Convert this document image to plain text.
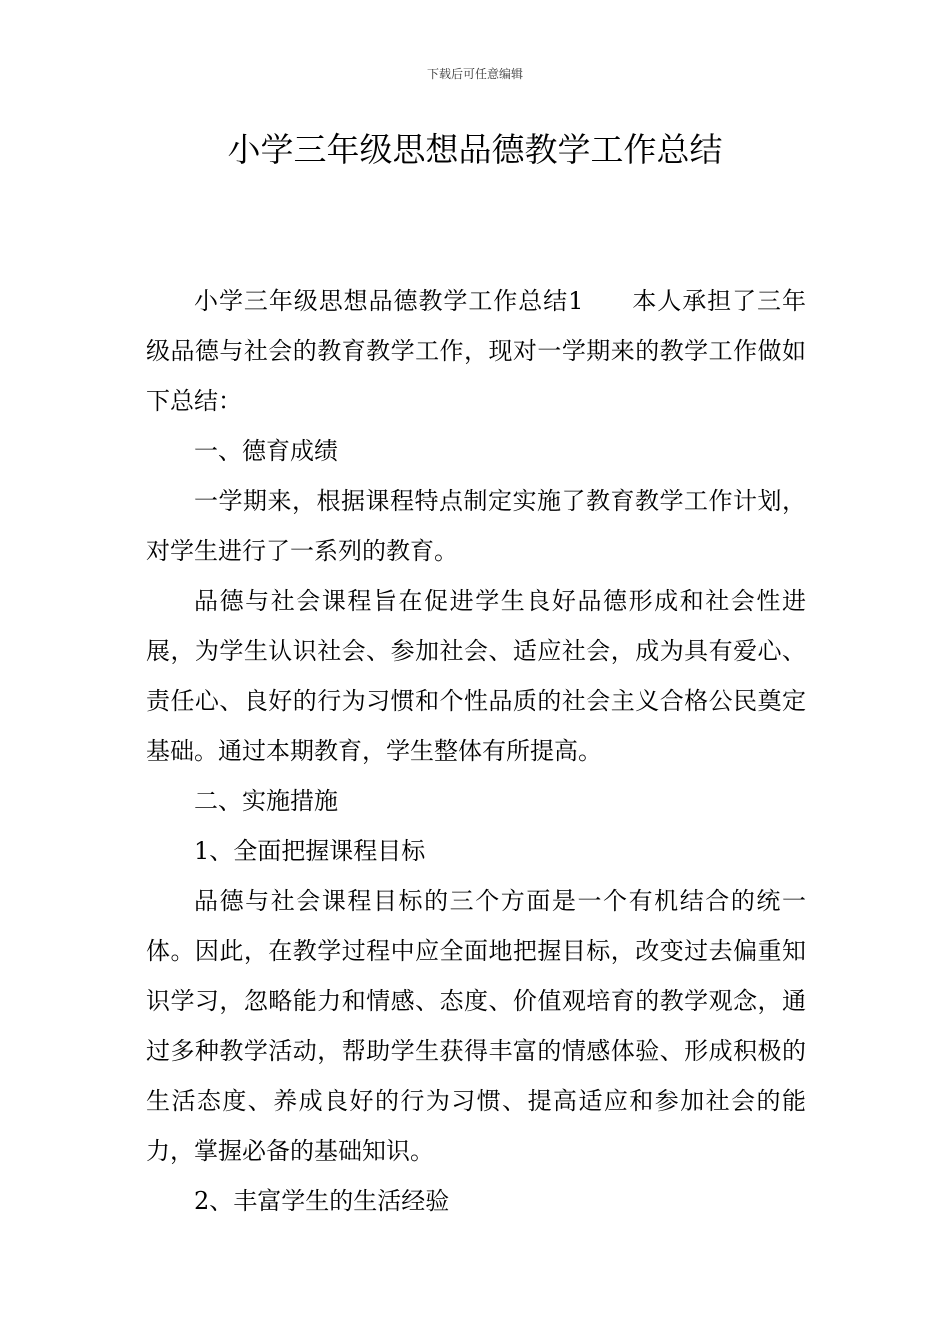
下载后可任意编辑
小学三年级思想品德教学工作总结

小学三年级思想品德教学工作总结1 本人承担了三年级品德与社会的教育教学工作，现对一学期来的教学工作做如下总结：

一、德育成绩

一学期来，根据课程特点制定实施了教育教学工作计划，对学生进行了一系列的教育。

品德与社会课程旨在促进学生良好品德形成和社会性进展，为学生认识社会、参加社会、适应社会，成为具有爱心、责任心、良好的行为习惯和个性品质的社会主义合格公民奠定基础。通过本期教育，学生整体有所提高。

二、实施措施

1、全面把握课程目标

品德与社会课程目标的三个方面是一个有机结合的统一体。因此，在教学过程中应全面地把握目标，改变过去偏重知识学习，忽略能力和情感、态度、价值观培育的教学观念，通过多种教学活动，帮助学生获得丰富的情感体验、形成积极的生活态度、养成良好的行为习惯、提高适应和参加社会的能力，掌握必备的基础知识。

2、丰富学生的生活经验
